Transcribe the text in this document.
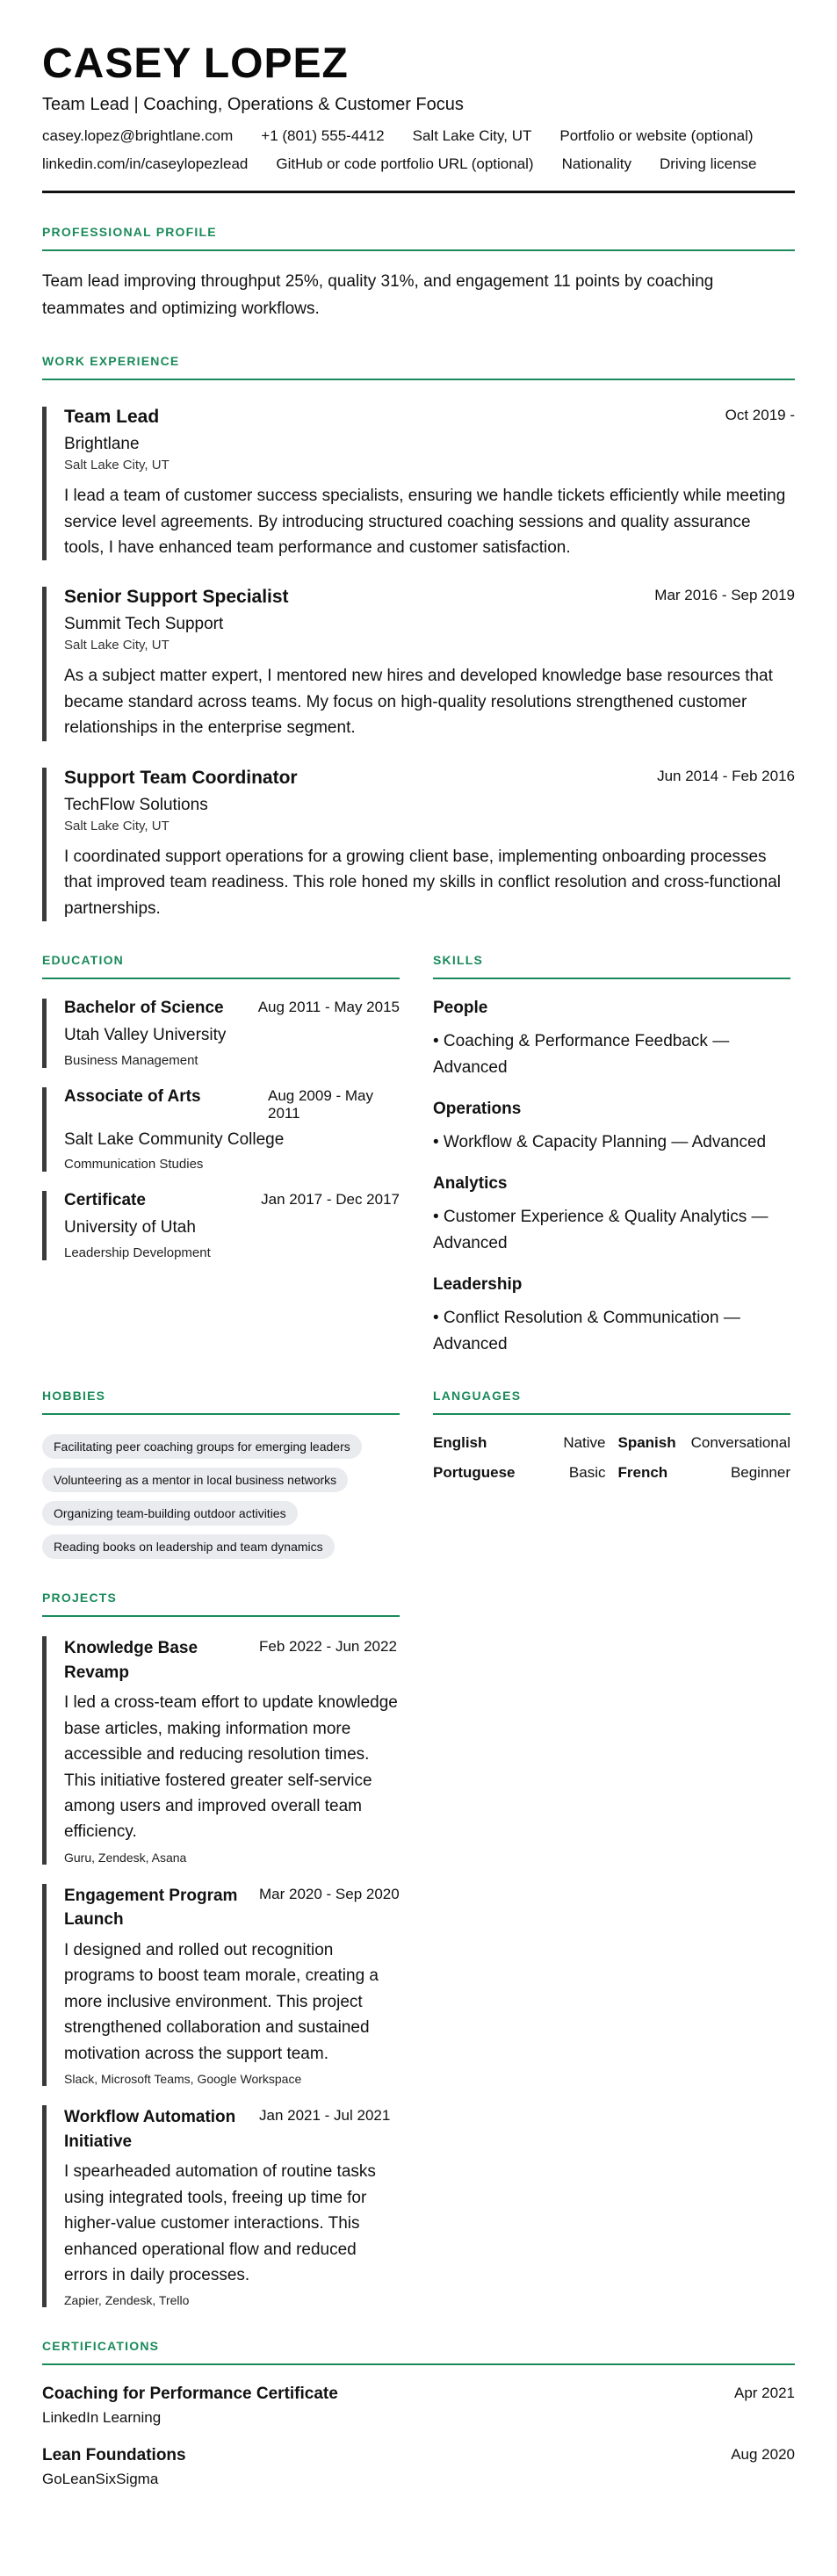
CASEY LOPEZ
Team Lead | Coaching, Operations & Customer Focus
casey.lopez@brightlane.com +1 (801) 555-4412 Salt Lake City, UT Portfolio or website (optional)
linkedin.com/in/caseylopezlead GitHub or code portfolio URL (optional) Nationality Driving license
PROFESSIONAL PROFILE
Team lead improving throughput 25%, quality 31%, and engagement 11 points by coaching teammates and optimizing workflows.
WORK EXPERIENCE
Team Lead	Oct 2019 -
Brightlane
Salt Lake City, UT
I lead a team of customer success specialists, ensuring we handle tickets efficiently while meeting service level agreements. By introducing structured coaching sessions and quality assurance tools, I have enhanced team performance and customer satisfaction.
Senior Support Specialist	Mar 2016 - Sep 2019
Summit Tech Support
Salt Lake City, UT
As a subject matter expert, I mentored new hires and developed knowledge base resources that became standard across teams. My focus on high-quality resolutions strengthened customer relationships in the enterprise segment.
Support Team Coordinator	Jun 2014 - Feb 2016
TechFlow Solutions
Salt Lake City, UT
I coordinated support operations for a growing client base, implementing onboarding processes that improved team readiness. This role honed my skills in conflict resolution and cross-functional partnerships.
EDUCATION
Bachelor of Science Aug 2011 - May 2015
Utah Valley University
Business Management
Associate of Arts	Aug 2009 - May 2011
Salt Lake Community College
Communication Studies
Certificate	Jan 2017 - Dec 2017
University of Utah
Leadership Development
SKILLS
People
• Coaching & Performance Feedback — Advanced
Operations
• Workflow & Capacity Planning — Advanced
Analytics
• Customer Experience & Quality Analytics — Advanced
Leadership
• Conflict Resolution & Communication — Advanced
HOBBIES
Facilitating peer coaching groups for emerging leaders
Volunteering as a mentor in local business networks
Organizing team-building outdoor activities
Reading books on leadership and team dynamics
LANGUAGES
English	Native Spanish Conversational
Portuguese	Basic French	Beginner
PROJECTS
Knowledge Base Revamp
Feb 2022 - Jun 2022
I led a cross-team effort to update knowledge base articles, making information more accessible and reducing resolution times. This initiative fostered greater self-service among users and improved overall team efficiency.
Guru, Zendesk, Asana
Engagement Program Launch
Mar 2020 - Sep 2020
I designed and rolled out recognition programs to boost team morale, creating a more inclusive environment. This project strengthened collaboration and sustained motivation across the support team.
Slack, Microsoft Teams, Google Workspace
Workflow Automation Initiative
Jan 2021 - Jul 2021
I spearheaded automation of routine tasks using integrated tools, freeing up time for higher-value customer interactions. This enhanced operational flow and reduced errors in daily processes.
Zapier, Zendesk, Trello
CERTIFICATIONS
Coaching for Performance Certificate	Apr 2021
LinkedIn Learning
Lean Foundations	Aug 2020
GoLeanSixSigma
